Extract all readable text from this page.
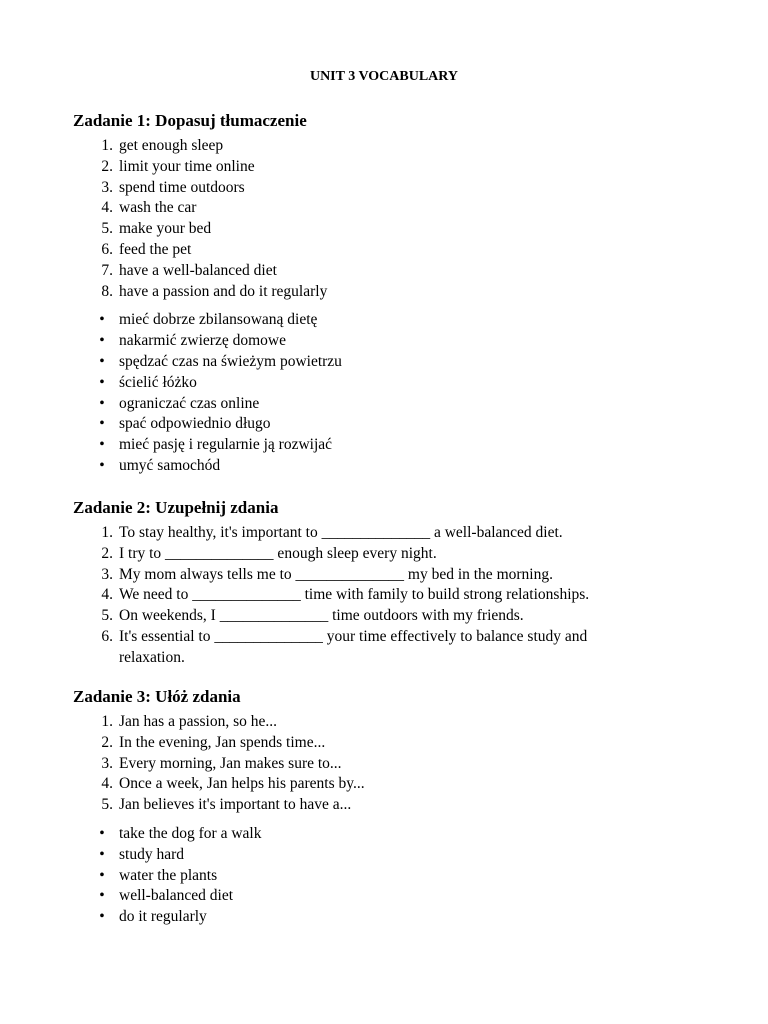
UNIT 3 VOCABULARY
Zadanie 1: Dopasuj tłumaczenie
1. get enough sleep
2. limit your time online
3. spend time outdoors
4. wash the car
5. make your bed
6. feed the pet
7. have a well-balanced diet
8. have a passion and do it regularly
• mieć dobrze zbilansowaną dietę
• nakarmić zwierzę domowe
• spędzać czas na świeżym powietrzu
• ścielić łóżko
• ograniczać czas online
• spać odpowiednio długo
• mieć pasję i regularnie ją rozwijać
• umyć samochód
Zadanie 2: Uzupełnij zdania
1. To stay healthy, it's important to ______________ a well-balanced diet.
2. I try to ______________ enough sleep every night.
3. My mom always tells me to ______________ my bed in the morning.
4. We need to ______________ time with family to build strong relationships.
5. On weekends, I ______________ time outdoors with my friends.
6. It's essential to ______________ your time effectively to balance study and relaxation.
Zadanie 3: Ułóż zdania
1. Jan has a passion, so he...
2. In the evening, Jan spends time...
3. Every morning, Jan makes sure to...
4. Once a week, Jan helps his parents by...
5. Jan believes it's important to have a...
• take the dog for a walk
• study hard
• water the plants
• well-balanced diet
• do it regularly
